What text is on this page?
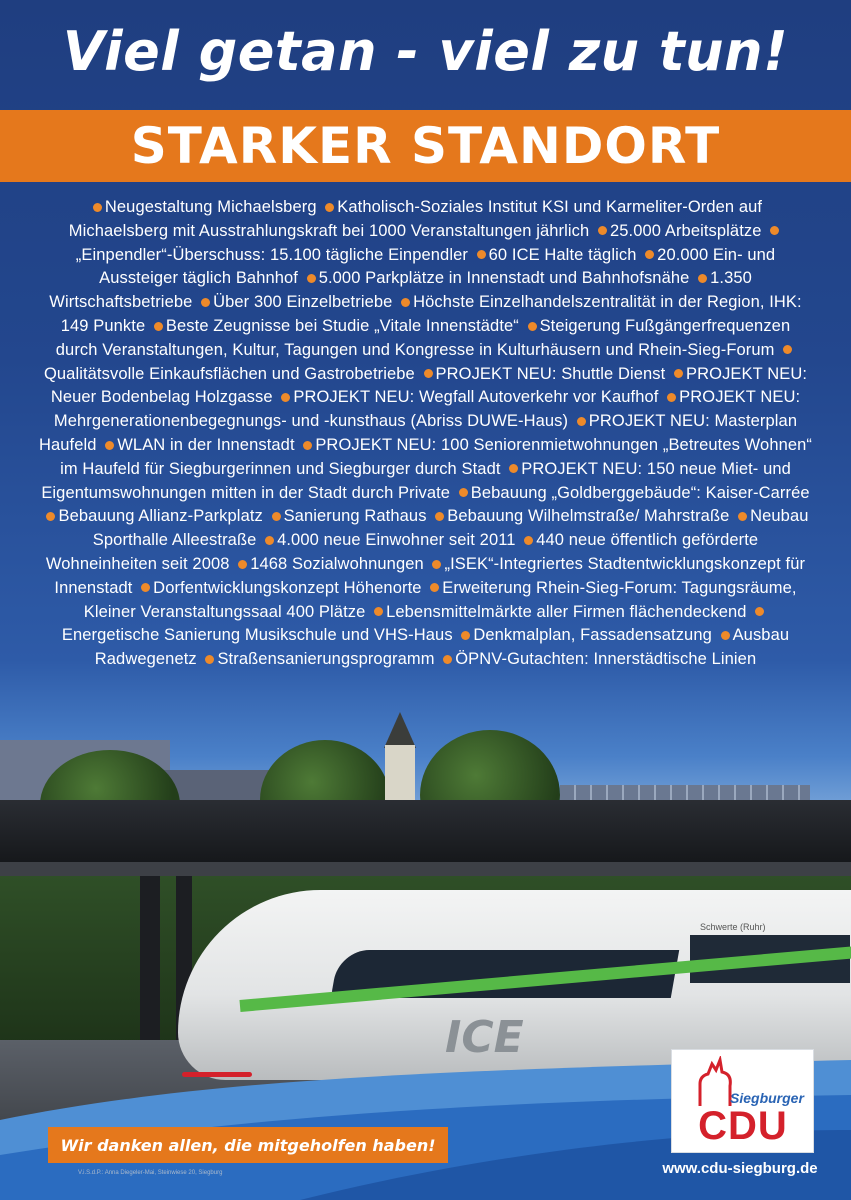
Viel getan - viel zu tun!
STARKER STANDORT
Neugestaltung Michaelsberg Katholisch-Soziales Institut KSI und Karmeliter-Orden auf Michaelsberg mit Ausstrahlungskraft bei 1000 Veranstaltungen jährlich 25.000 Arbeitsplätze „Einpendler“-Überschuss: 15.100 tägliche Einpendler 60 ICE Halte täglich 20.000 Ein- und Aussteiger täglich Bahnhof 5.000 Parkplätze in Innenstadt und Bahnhofsnähe 1.350 Wirtschaftsbetriebe Über 300 Einzelbetriebe Höchste Einzelhandelszentralität in der Region, IHK: 149 Punkte Beste Zeugnisse bei Studie „Vitale Innenstädte“ Steigerung Fußgängerfrequenzen durch Veranstaltungen, Kultur, Tagungen und Kongresse in Kulturhäusern und Rhein-Sieg-Forum Qualitätsvolle Einkaufsflächen und Gastrobetriebe PROJEKT NEU: Shuttle Dienst PROJEKT NEU: Neuer Bodenbelag Holzgasse PROJEKT NEU: Wegfall Autoverkehr vor Kaufhof PROJEKT NEU: Mehrgenerationenbegegnungs- und -kunsthaus (Abriss DUWE-Haus) PROJEKT NEU: Masterplan Haufeld WLAN in der Innenstadt PROJEKT NEU: 100 Seniorenmietwohnungen „Betreutes Wohnen“ im Haufeld für Siegburgerinnen und Siegburger durch Stadt PROJEKT NEU: 150 neue Miet- und Eigentumswohnungen mitten in der Stadt durch Private Bebauung „Goldberggebäude“: Kaiser-Carrée Bebauung Allianz-Parkplatz Sanierung Rathaus Bebauung Wilhelmstraße/ Mahrstraße Neubau Sporthalle Alleestraße 4.000 neue Einwohner seit 2011 440 neue öffentlich geförderte Wohneinheiten seit 2008 1468 Sozialwohnungen „ISEK“-Integriertes Stadtentwicklungskonzept für Innenstadt Dorfentwicklungskonzept Höhenorte Erweiterung Rhein-Sieg-Forum: Tagungsräume, Kleiner Veranstaltungssaal 400 Plätze Lebensmittelmärkte aller Firmen flächendeckend Energetische Sanierung Musikschule und VHS-Haus Denkmalplan, Fassadensatzung Ausbau Radwegenetz Straßensanierungsprogramm ÖPNV-Gutachten: Innerstädtische Linien
ICE
Schwerte (Ruhr)
Wir danken allen, die mitgeholfen haben!
V.i.S.d.P.: Anna Diegeler-Mai, Steinwiese 20, Siegburg
Siegburger
CDU
www.cdu-siegburg.de
